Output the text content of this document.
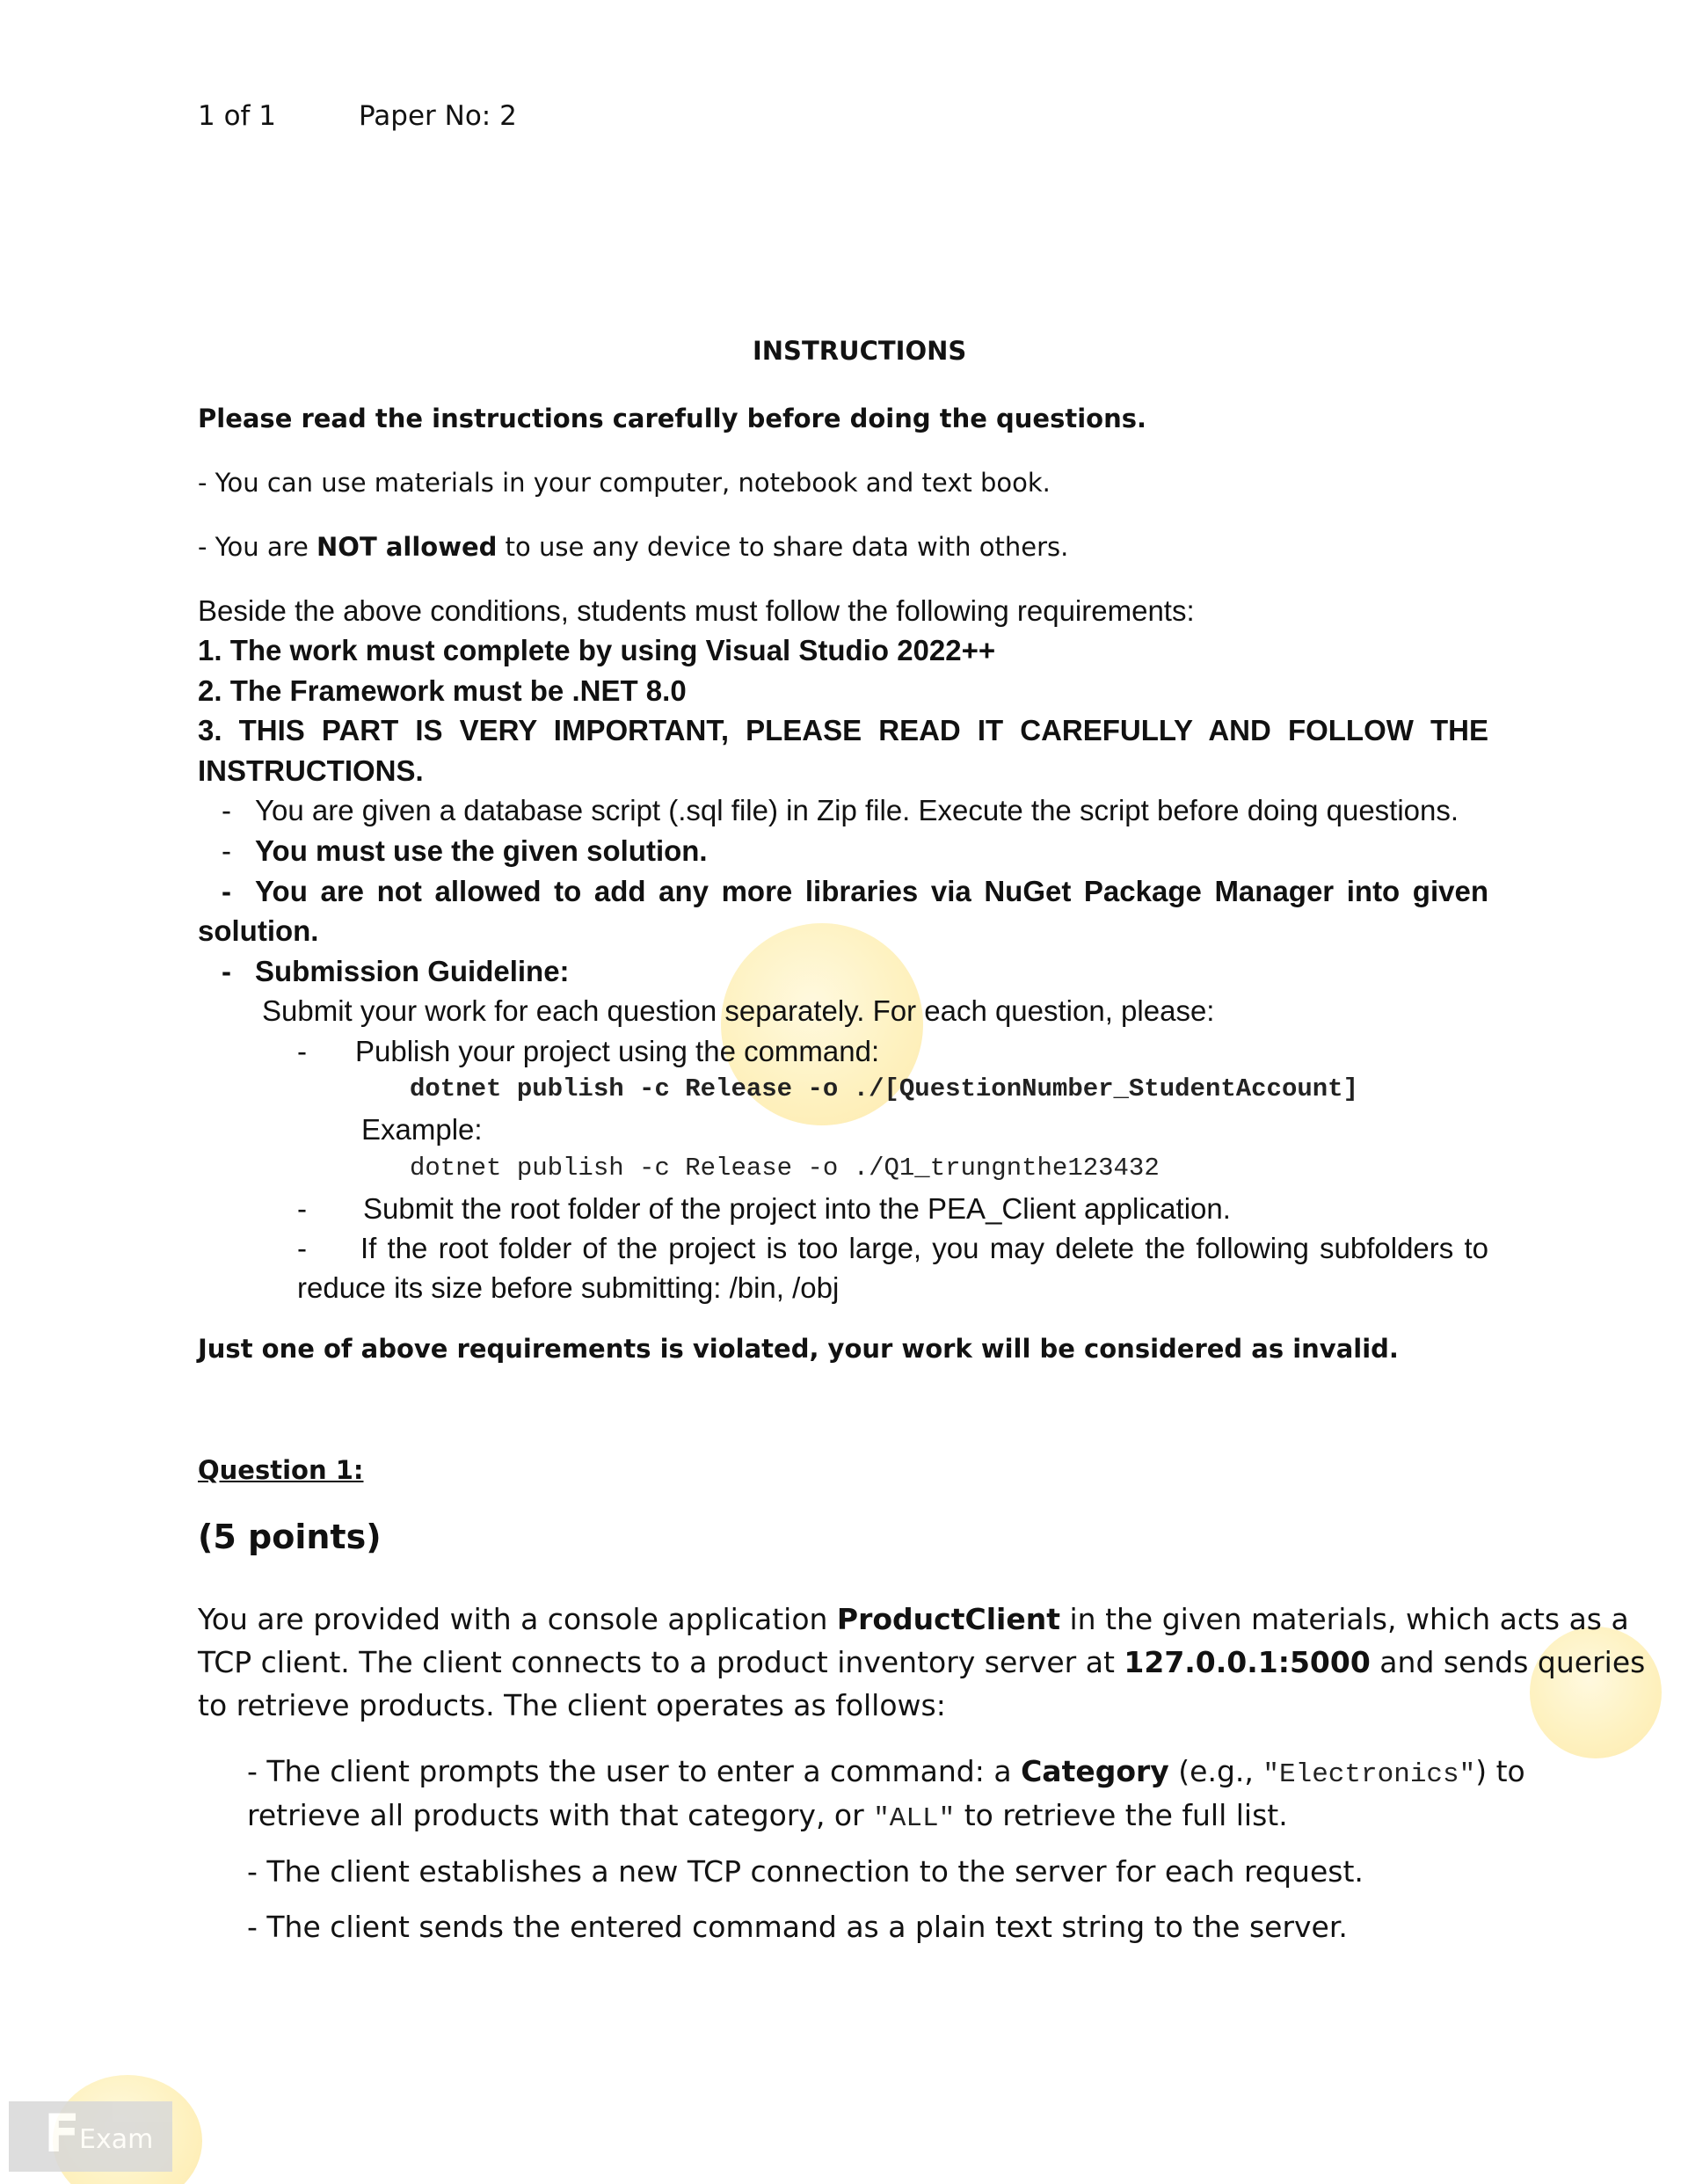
F Exam
1 of 1	Paper No: 2
INSTRUCTIONS
Please read the instructions carefully before doing the questions.
- You can use materials in your computer, notebook and text book.
- You are NOT allowed to use any device to share data with others.
Beside the above conditions, students must follow the following requirements:
1. The work must complete by using Visual Studio 2022++
2. The Framework must be .NET 8.0
3. THIS PART IS VERY IMPORTANT, PLEASE READ IT CAREFULLY AND FOLLOW THE
INSTRUCTIONS.
- You are given a database script (.sql file) in Zip file. Execute the script before doing questions.
- You must use the given solution.
- You are not allowed to add any more libraries via NuGet Package Manager into given
solution.
- Submission Guideline:
Submit your work for each question separately. For each question, please:
- Publish your project using the command:
dotnet publish -c Release -o ./[QuestionNumber_StudentAccount]
Example:
dotnet publish -c Release -o ./Q1_trungnthe123432
- Submit the root folder of the project into the PEA_Client application.
- If the root folder of the project is too large, you may delete the following subfolders to
reduce its size before submitting: /bin, /obj
Just one of above requirements is violated, your work will be considered as invalid.
Question 1:
(5 points)
You are provided with a console application ProductClient in the given materials, which acts as a
TCP client. The client connects to a product inventory server at 127.0.0.1:5000 and sends queries
to retrieve products. The client operates as follows:
- The client prompts the user to enter a command: a Category (e.g., "Electronics") to
retrieve all products with that category, or "ALL" to retrieve the full list.
- The client establishes a new TCP connection to the server for each request.
- The client sends the entered command as a plain text string to the server.
